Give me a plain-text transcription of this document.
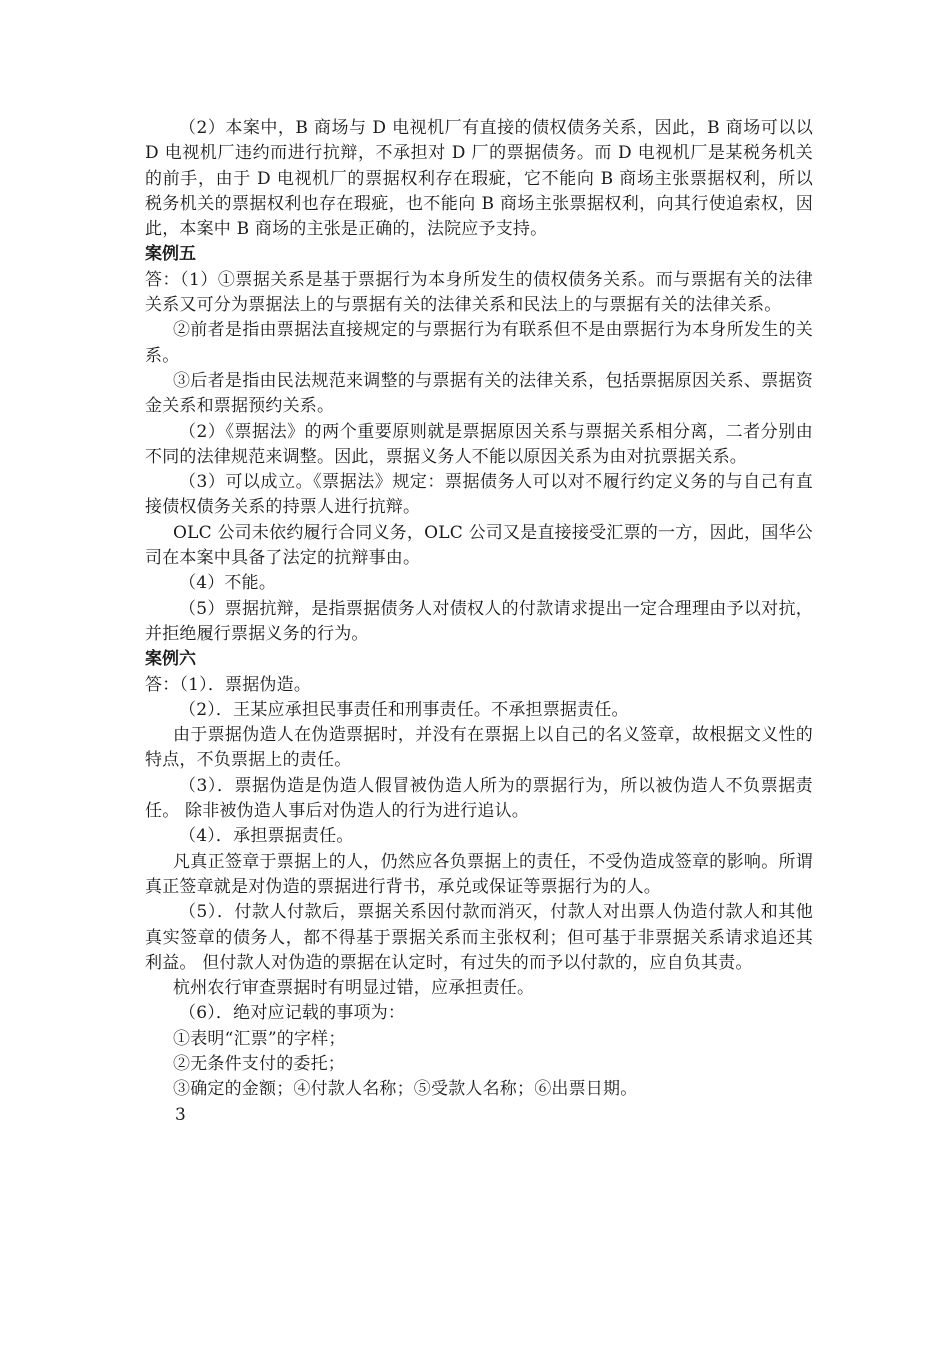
（2）本案中，B 商场与 D 电视机厂有直接的债权债务关系，因此，B 商场可以以 D 电视机厂违约而进行抗辩，不承担对 D 厂的票据债务。而 D 电视机厂是某税务机关的前手，由于 D 电视机厂的票据权利存在瑕疵，它不能向 B 商场主张票据权利，所以税务机关的票据权利也存在瑕疵，也不能向 B 商场主张票据权利，向其行使追索权，因此，本案中 B 商场的主张是正确的，法院应予支持。

案例五

答：（1）①票据关系是基于票据行为本身所发生的债权债务关系。而与票据有关的法律关系又可分为票据法上的与票据有关的法律关系和民法上的与票据有关的法律关系。

②前者是指由票据法直接规定的与票据行为有联系但不是由票据行为本身所发生的关系。

③后者是指由民法规范来调整的与票据有关的法律关系，包括票据原因关系、票据资金关系和票据预约关系。

（2）《票据法》的两个重要原则就是票据原因关系与票据关系相分离，二者分别由不同的法律规范来调整。因此，票据义务人不能以原因关系为由对抗票据关系。

（3）可以成立。《票据法》规定：票据债务人可以对不履行约定义务的与自己有直接债权债务关系的持票人进行抗辩。

OLC 公司未依约履行合同义务，OLC 公司又是直接接受汇票的一方，因此，国华公司在本案中具备了法定的抗辩事由。

（4）不能。

（5）票据抗辩，是指票据债务人对债权人的付款请求提出一定合理理由予以对抗，并拒绝履行票据义务的行为。

案例六

答：（1）．票据伪造。

（2）．王某应承担民事责任和刑事责任。不承担票据责任。

由于票据伪造人在伪造票据时，并没有在票据上以自己的名义签章，故根据文义性的特点，不负票据上的责任。

（3）．票据伪造是伪造人假冒被伪造人所为的票据行为，所以被伪造人不负票据责任。 除非被伪造人事后对伪造人的行为进行追认。

（4）．承担票据责任。

凡真正签章于票据上的人，仍然应各负票据上的责任，不受伪造成签章的影响。所谓真正签章就是对伪造的票据进行背书，承兑或保证等票据行为的人。

（5）．付款人付款后，票据关系因付款而消灭，付款人对出票人伪造付款人和其他真实签章的债务人，都不得基于票据关系而主张权利；但可基于非票据关系请求追还其利益。 但付款人对伪造的票据在认定时，有过失的而予以付款的，应自负其责。

杭州农行审查票据时有明显过错，应承担责任。

（6）．绝对应记载的事项为：

①表明“汇票”的字样；

②无条件支付的委托；

③确定的金额；④付款人名称；⑤受款人名称；⑥出票日期。

3
